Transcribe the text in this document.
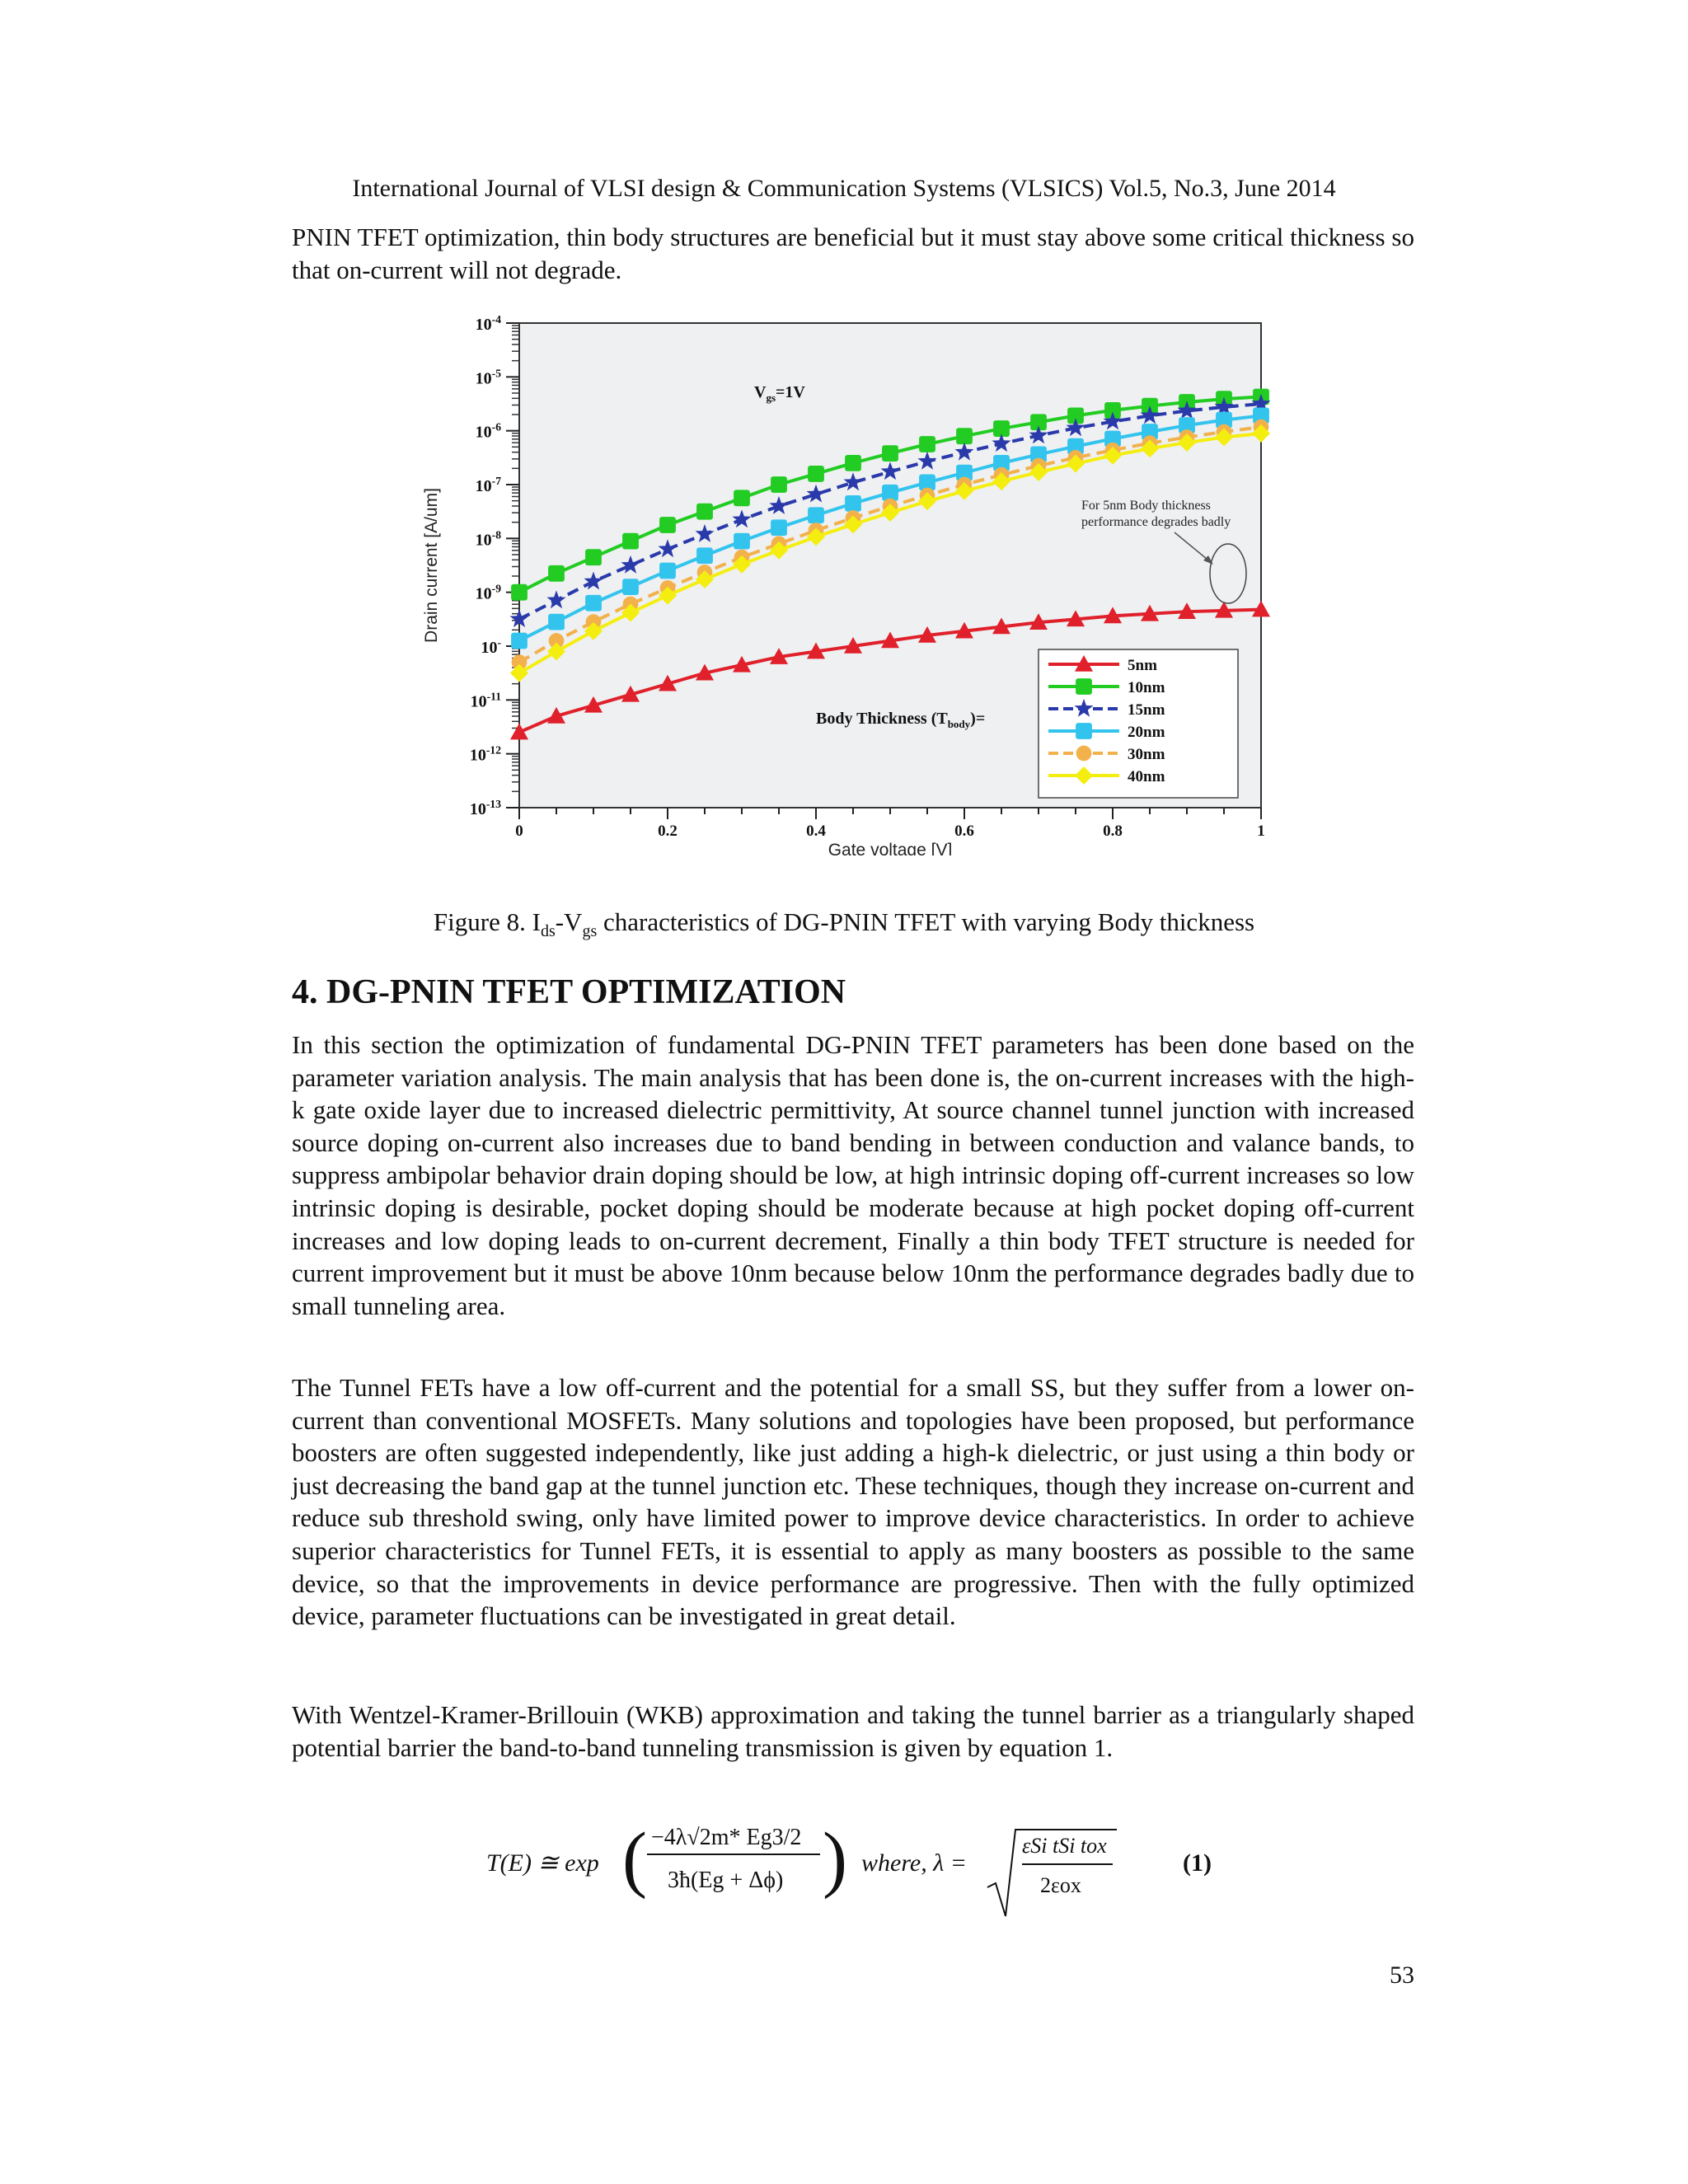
International Journal of VLSI design & Communication Systems (VLSICS) Vol.5, No.3, June 2014
PNIN TFET optimization, thin body structures are beneficial but it must stay above some critical thickness so that on-current will not degrade.
$10^{-4}$
$10^{-5}$
$10^{-6}$
$10^{-7}$
$10^{-8}$
$10^{-9}$
10-
$10^{-11}$
$10^{-12}$
$10^{-13}$
0	0.2	0.4	0.6	0.8	1
Gate voltage [V]
Drain current [A/um]
$V_{gs}=1V$
For 5nm Body thickness
performance degrades badly
Body Thickness $(T_{body})=$
5nm
10nm
15nm
20nm
30nm
40nm
Figure 8. $I_{ds}-V_{gs}$ characteristics of DG-PNIN TFET with varying Body thickness
4. DG-PNIN TFET OPTIMIZATION
In this section the optimization of fundamental DG-PNIN TFET parameters has been done based on the parameter variation analysis. The main analysis that has been done is, the on-current increases with the high-k gate oxide layer due to increased dielectric permittivity, At source channel tunnel junction with increased source doping on-current also increases due to band bending in between conduction and valance bands, to suppress ambipolar behavior drain doping should be low, at high intrinsic doping off-current increases so low intrinsic doping is desirable, pocket doping should be moderate because at high pocket doping off-current increases and low doping leads to on-current decrement, Finally a thin body TFET structure is needed for current improvement but it must be above 10nm because below 10nm the performance degrades badly due to small tunneling area.
The Tunnel FETs have a low off-current and the potential for a small SS, but they suffer from a lower on-current than conventional MOSFETs. Many solutions and topologies have been proposed, but performance boosters are often suggested independently, like just adding a high-k dielectric, or just using a thin body or just decreasing the band gap at the tunnel junction etc. These techniques, though they increase on-current and reduce sub threshold swing, only have limited power to improve device characteristics. In order to achieve superior characteristics for Tunnel FETs, it is essential to apply as many boosters as possible to the same device, so that the improvements in device performance are progressive. Then with the fully optimized device, parameter fluctuations can be investigated in great detail.
With Wentzel-Kramer-Brillouin (WKB) approximation and taking the tunnel barrier as a triangularly shaped potential barrier the band-to-band tunneling transmission is given by equation 1.
T(E) ≅ exp ( −4λ√2m* Eg3/2
3ħ(Eg + Δϕ) ) where, λ =
εSi tSi tox
2εox
(1)
53
